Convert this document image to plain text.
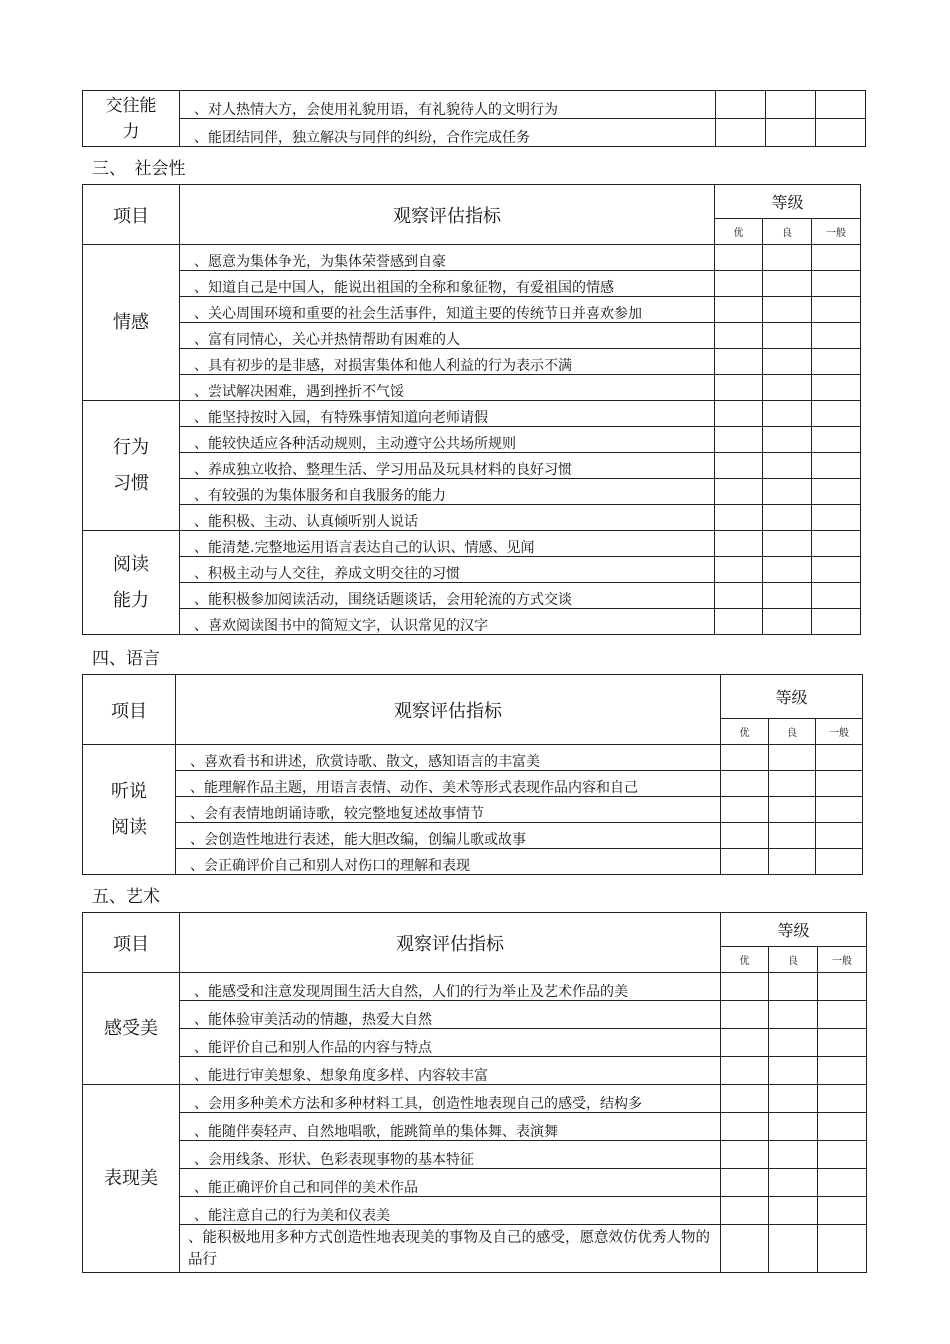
交往能力	、对人热情大方，会使用礼貌用语，有礼貌待人的文明行为			
	、能团结同伴，独立解决与同伴的纠纷，合作完成任务			
三、　社会性
项目	观察评估指标	等级		
		优	良	一般
情感	、愿意为集体争光，为集体荣誉感到自豪			
	、知道自己是中国人，能说出祖国的全称和象征物，有爱祖国的情感			
	、关心周围环境和重要的社会生活事件，知道主要的传统节日并喜欢参加			
	、富有同情心，关心并热情帮助有困难的人			
	、具有初步的是非感，对损害集体和他人利益的行为表示不满			
	、尝试解决困难，遇到挫折不气馁			
行为习惯	、能坚持按时入园，有特殊事情知道向老师请假			
	、能较快适应各种活动规则，主动遵守公共场所规则			
	、养成独立收拾、整理生活、学习用品及玩具材料的良好习惯			
	、有较强的为集体服务和自我服务的能力			
	、能积极、主动、认真倾听别人说话			
阅读能力	、能清楚.完整地运用语言表达自己的认识、情感、见闻			
	、积极主动与人交往，养成文明交往的习惯			
	、能积极参加阅读活动，围绕话题谈话，会用轮流的方式交谈			
	、喜欢阅读图书中的简短文字，认识常见的汉字			
四、语言
项目	观察评估指标	等级		
		优	良	一般
听说阅读	、喜欢看书和讲述，欣赏诗歌、散文，感知语言的丰富美			
	、能理解作品主题，用语言表情、动作、美术等形式表现作品内容和自己			
	、会有表情地朗诵诗歌，较完整地复述故事情节			
	、会创造性地进行表述，能大胆改编，创编儿歌或故事			
	、会正确评价自己和别人对伤口的理解和表现			
五、艺术
项目	观察评估指标	等级		
		优	良	一般
感受美	、能感受和注意发现周围生活大自然，人们的行为举止及艺术作品的美			
	、能体验审美活动的情趣，热爱大自然			
	、能评价自己和别人作品的内容与特点			
	、能进行审美想象、想象角度多样、内容较丰富			
表现美	、会用多种美术方法和多种材料工具，创造性地表现自己的感受，结构多			
	、能随伴奏轻声、自然地唱歌，能跳简单的集体舞、表演舞			
	、会用线条、形状、色彩表现事物的基本特征			
	、能正确评价自己和同伴的美术作品			
	、能注意自己的行为美和仪表美			
	、能积极地用多种方式创造性地表现美的事物及自己的感受，愿意效仿优秀人物的品行			
